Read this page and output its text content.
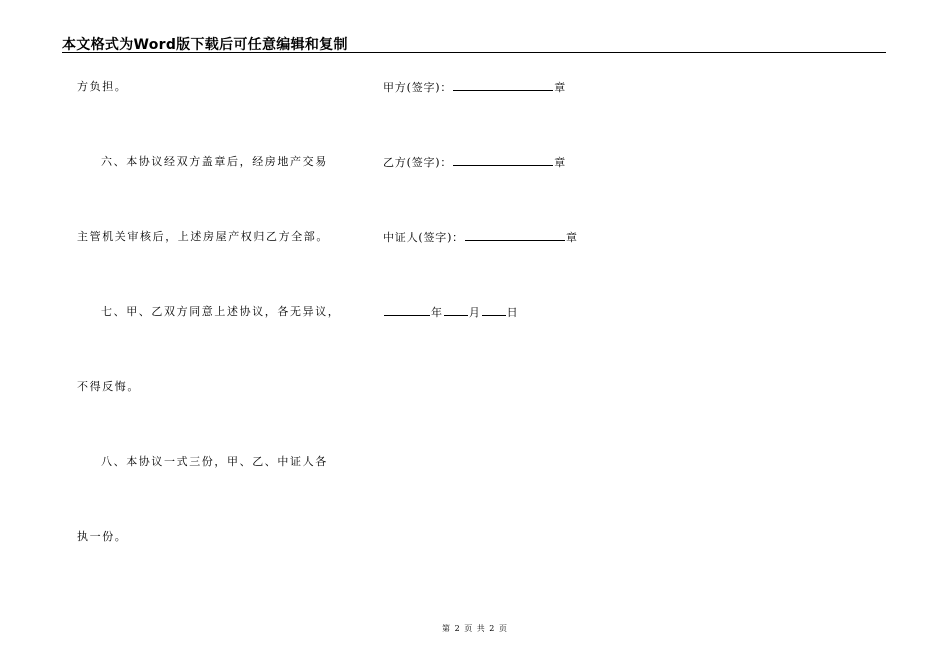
本文格式为Word版下载后可任意编辑和复制
方负担。
六、本协议经双方盖章后，经房地产交易
主管机关审核后，上述房屋产权归乙方全部。
七、甲、乙双方同意上述协议，各无异议，
不得反悔。
八、本协议一式三份，甲、乙、中证人各
执一份。
甲方(签字)：	章
乙方(签字)：	章
中证人(签字)：	章
年 月 日
第 2 页 共 2 页
